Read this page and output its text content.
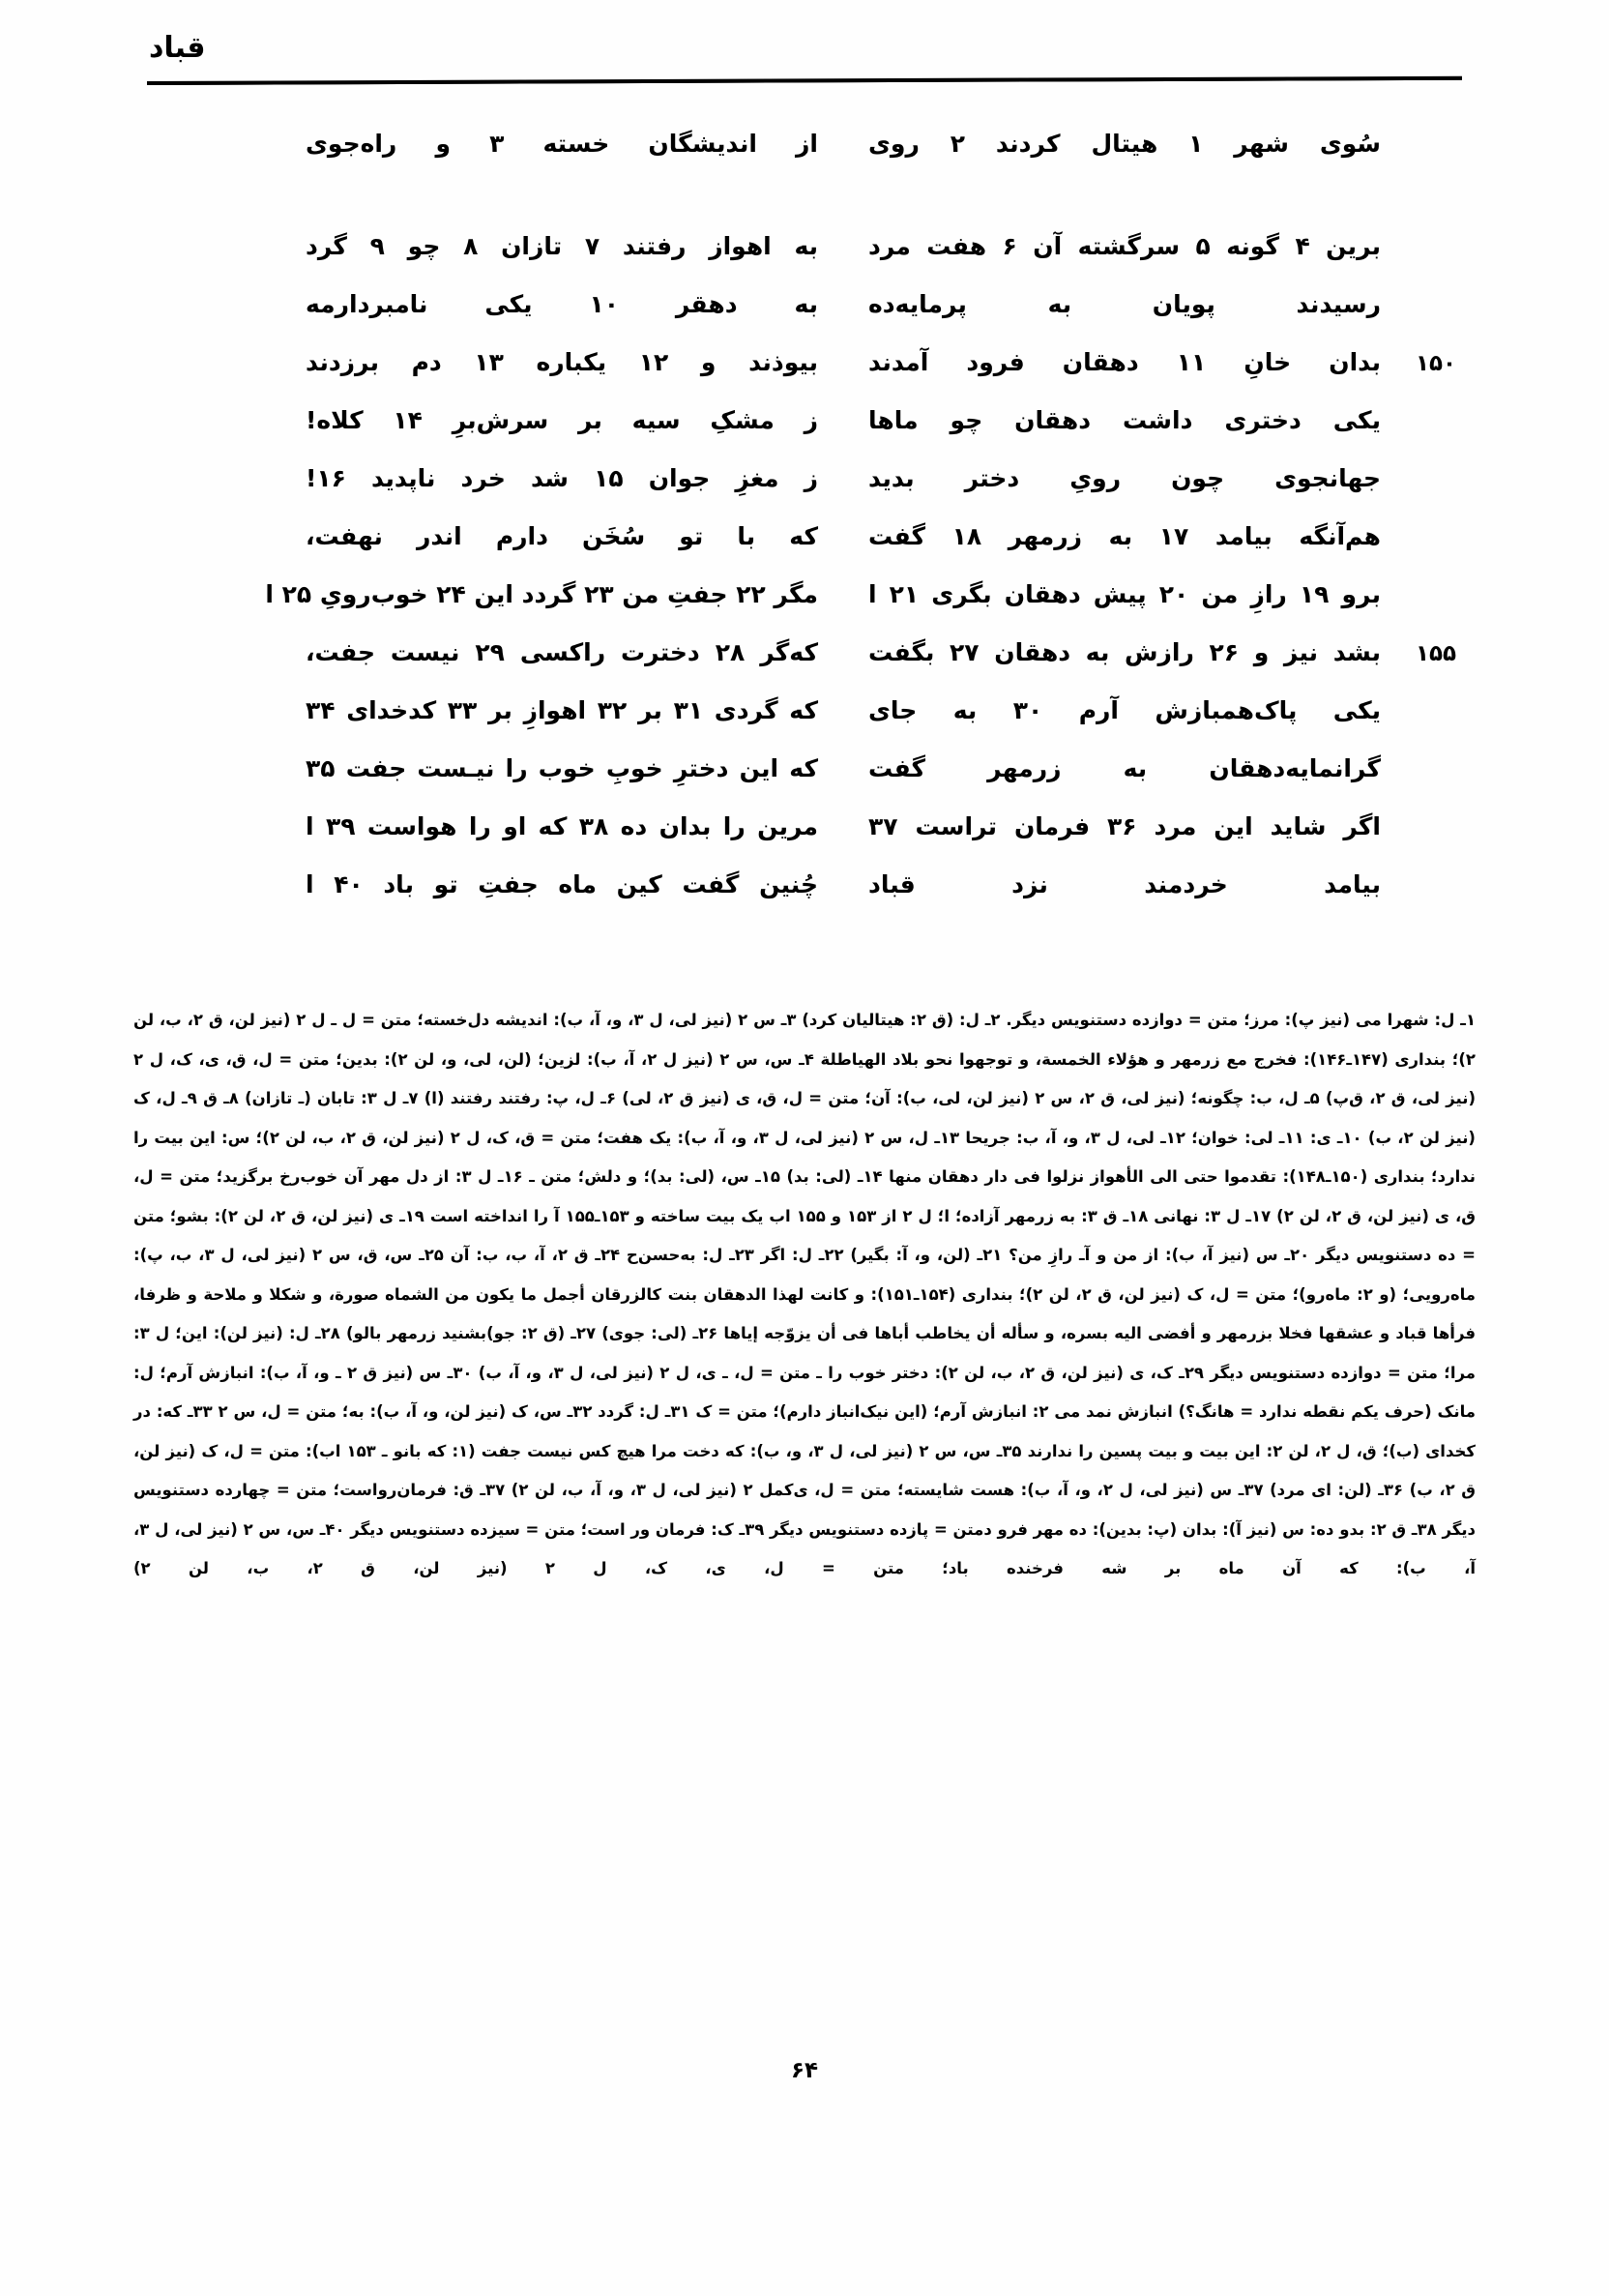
قباد
سُوی شهر ۱ هیتال کردند ۲ روی
از اندیشگان خسته ۳ و راه‌جوی
برین ۴ گونه ۵ سرگشته آن ۶ هفت مرد
به اهواز رفتند ۷ تازان ۸ چو ۹ گرد
رسیدند پویان به پرمایه‌ده
به دهقر ۱۰ یکی نامبردارمه
۱۵۰
بدان خانِ ۱۱ دهقان فرود آمدند
بیوذند و ۱۲ یکباره ۱۳ دم برزدند
یکی دختری داشت دهقان چو ماها
ز مشکِ سیه بر سرش‌برِ ۱۴ کلاه!
جهانجوی چون رویِ دختر بدید
ز مغزِ جوان ۱۵ شد خرد ناپدید ۱۶!
هم‌آنگه بیامد ۱۷ به زرمهر ۱۸ گفت
که با تو سُخَن دارم اندر نهفت،
برو ۱۹ رازِ من ۲۰ پیش دهقان بگری ۲۱ ا
مگر ۲۲ جفتِ من ۲۳ گردد این ۲۴ خوب‌رویِ ۲۵ ا
۱۵۵
بشد نیز و ۲۶ رازش به دهقان ۲۷ بگفت
که‌گر ۲۸ دخترت راکسی ۲۹ نیست جفت،
یکی پاک‌همبازش آرم ۳۰ به جای
که گردی ۳۱ بر ۳۲ اهوازِ بر ۳۳ کدخدای ۳۴
گرانمایه‌دهقان به زرمهر گفت
که این دخترِ خوبِ خوب را نیـست جفت ۳۵
اگر شاید این مرد ۳۶ فرمان تراست ۳۷
مرین را بدان ده ۳۸ که او را هواست ۳۹ ا
بیامد خردمند نزد قباد
چُنین گفت کین ماه جفتِ تو باد ۴۰ ا
۱ـ ل: شهرا می (نیز پ): مرز؛ متن = دوازده دستنویس دیگر. ۲ـ ل: (ق ۲: هیتالیان کرد) ۳ـ س ۲ (نیز لی، ل ۳، و، آ، ب): اندیشه دل‌خسته؛ متن = ل ـ ل ۲ (نیز لن، ق ۲، ب، لن ۲)؛ بنداری (۱۴۷ـ۱۴۶): فخرج مع زرمهر و هؤلاء الخمسة، و توجهوا نحو بلاد الهیاطلة ۴ـ س، س ۲ (نیز ل ۲، آ، ب): لزین؛ (لن، لی، و، لن ۲): بدین؛ متن = ل، ق، ی، ک، ل ۲ (نیز لی، ق ۲، ق‌پ) ۵ـ ل، ب: چگونه؛ (نیز لی، ق ۲، س ۲ (نیز لن، لی، ب): آن؛ متن = ل، ق، ی (نیز ق ۲، لی) ۶ـ ل، پ: رفتند رفتند (ا) ۷ـ ل ۳: تابان (ـ تازان) ۸ـ ق ۹ـ ل، ک (نیز لن ۲، ب) ۱۰ـ ی: ۱۱ـ لی: خوان؛ ۱۲ـ لی، ل ۳، و، آ، ب: جریحا ۱۳ـ ل، س ۲ (نیز لی، ل ۳، و، آ، ب): یک هفت؛ متن = ق، ک، ل ۲ (نیز لن، ق ۲، ب، لن ۲)؛ س: این بیت را ندارد؛ بنداری (۱۵۰ـ۱۴۸): تقدموا حتی الی الأهواز نزلوا فی دار دهقان منها ۱۴ـ (لی: بد) ۱۵ـ س، (لی: بد)؛ و دلش؛ متن ـ ۱۶ـ ل ۳: از دل مهر آن خوب‌رخ برگزید؛ متن = ل، ق، ی (نیز لن، ق ۲، لن ۲) ۱۷ـ ل ۳: نهانی ۱۸ـ ق ۳: به زرمهر آزاده؛ ا؛ ل ۲ از ۱۵۳ و ۱۵۵ ا‌ب یک بیت ساخته و ۱۵۳ـ۱۵۵ آ را انداخته است ۱۹ـ ی (نیز لن، ق ۲، لن ۲): بشو؛ متن = ده دستنویس دیگر ۲۰ـ س (نیز آ، ب): از من و آ‌ـ رازِ من؟ ۲۱ـ (لن، و، آ: بگیر) ۲۲ـ ل: اگر ۲۳ـ ل: به‌حسن‌ح ۲۴ـ ق ۲، آ، ب، ب: آن ۲۵ـ س، ق، س ۲ (نیز لی، ل ۳، ب، پ): ماه‌رویی؛ (و ۲: ماه‌رو)؛ متن = ل، ک (نیز لن، ق ۲، لن ۲)؛ بنداری (۱۵۴ـ۱۵۱): و کانت لهذا الدهقان بنت کالزرقان أجمل ما یکون من الشماه صورة، و شکلا و ملاحة و ظرفا، فرأها قباد و عشقها فخلا بزرمهر و أفضی الیه بسره، و سأله أن یخاطب أباها فی أن یزوّجه إیاها ۲۶ـ (لی: جوی) ۲۷ـ (ق ۲: جو)‌بشنید زرمهر بالو) ۲۸ـ ل: (نیز لن): این؛ ل ۳: مرا؛ متن = دوازده دستنویس دیگر ۲۹ـ ک، ی (نیز لن، ق ۲، ب، لن ۲): دختر خوب را ـ متن = ل، ـ ی، ل ۲ (نیز لی، ل ۳، و، آ، ب) ۳۰ـ س (نیز ق ۲ ـ و، آ، ب): انبازش آرم؛ ل: مانک (حرف یکم نقطه ندارد = هانگ؟) انبازش نمد می ۲: انبازش آرم؛ (این نیک‌انباز دارم)؛ متن = ک ۳۱ـ ل: گردد ۳۲ـ س، ک (نیز لن، و، آ، ب): به؛ متن = ل، س ۲ ۳۳ـ که: در کخدای (ب)؛ ق، ل ۲، لن ۲: این بیت و بیت پسین را ندارند ۳۵ـ س، س ۲ (نیز لی، ل ۳، و، ب): که دخت مرا هیچ کس نیست جفت (۱: که بانو ـ ۱۵۳ ا‌ب): متن = ل، ک (نیز لن، ق ۲، ب) ۳۶ـ (لن: ای مرد) ۳۷ـ س (نیز لی، ل ۲، و، آ، ب): هست شایسته؛ متن = ل، ی‌کمل ۲ (نیز لی، ل ۳، و، آ، ب، لن ۲) ۳۷ـ ق: فرمان‌رواست؛ متن = چهارده دستنویس دیگر ۳۸ـ ق ۲: بدو ده: س (نیز آ): بدان (پ: بدین): ده مهر فرو دمتن = پازده دستنویس دیگر ۳۹ـ ک: فرمان ور است؛ متن = سیزده دستنویس دیگر ۴۰ـ س، س ۲ (نیز لی، ل ۳، آ، ب): که آن ماه بر شه فرخنده باد؛ متن = ل، ی، ک، ل ۲ (نیز لن، ق ۲، ب، لن ۲)
۶۴
